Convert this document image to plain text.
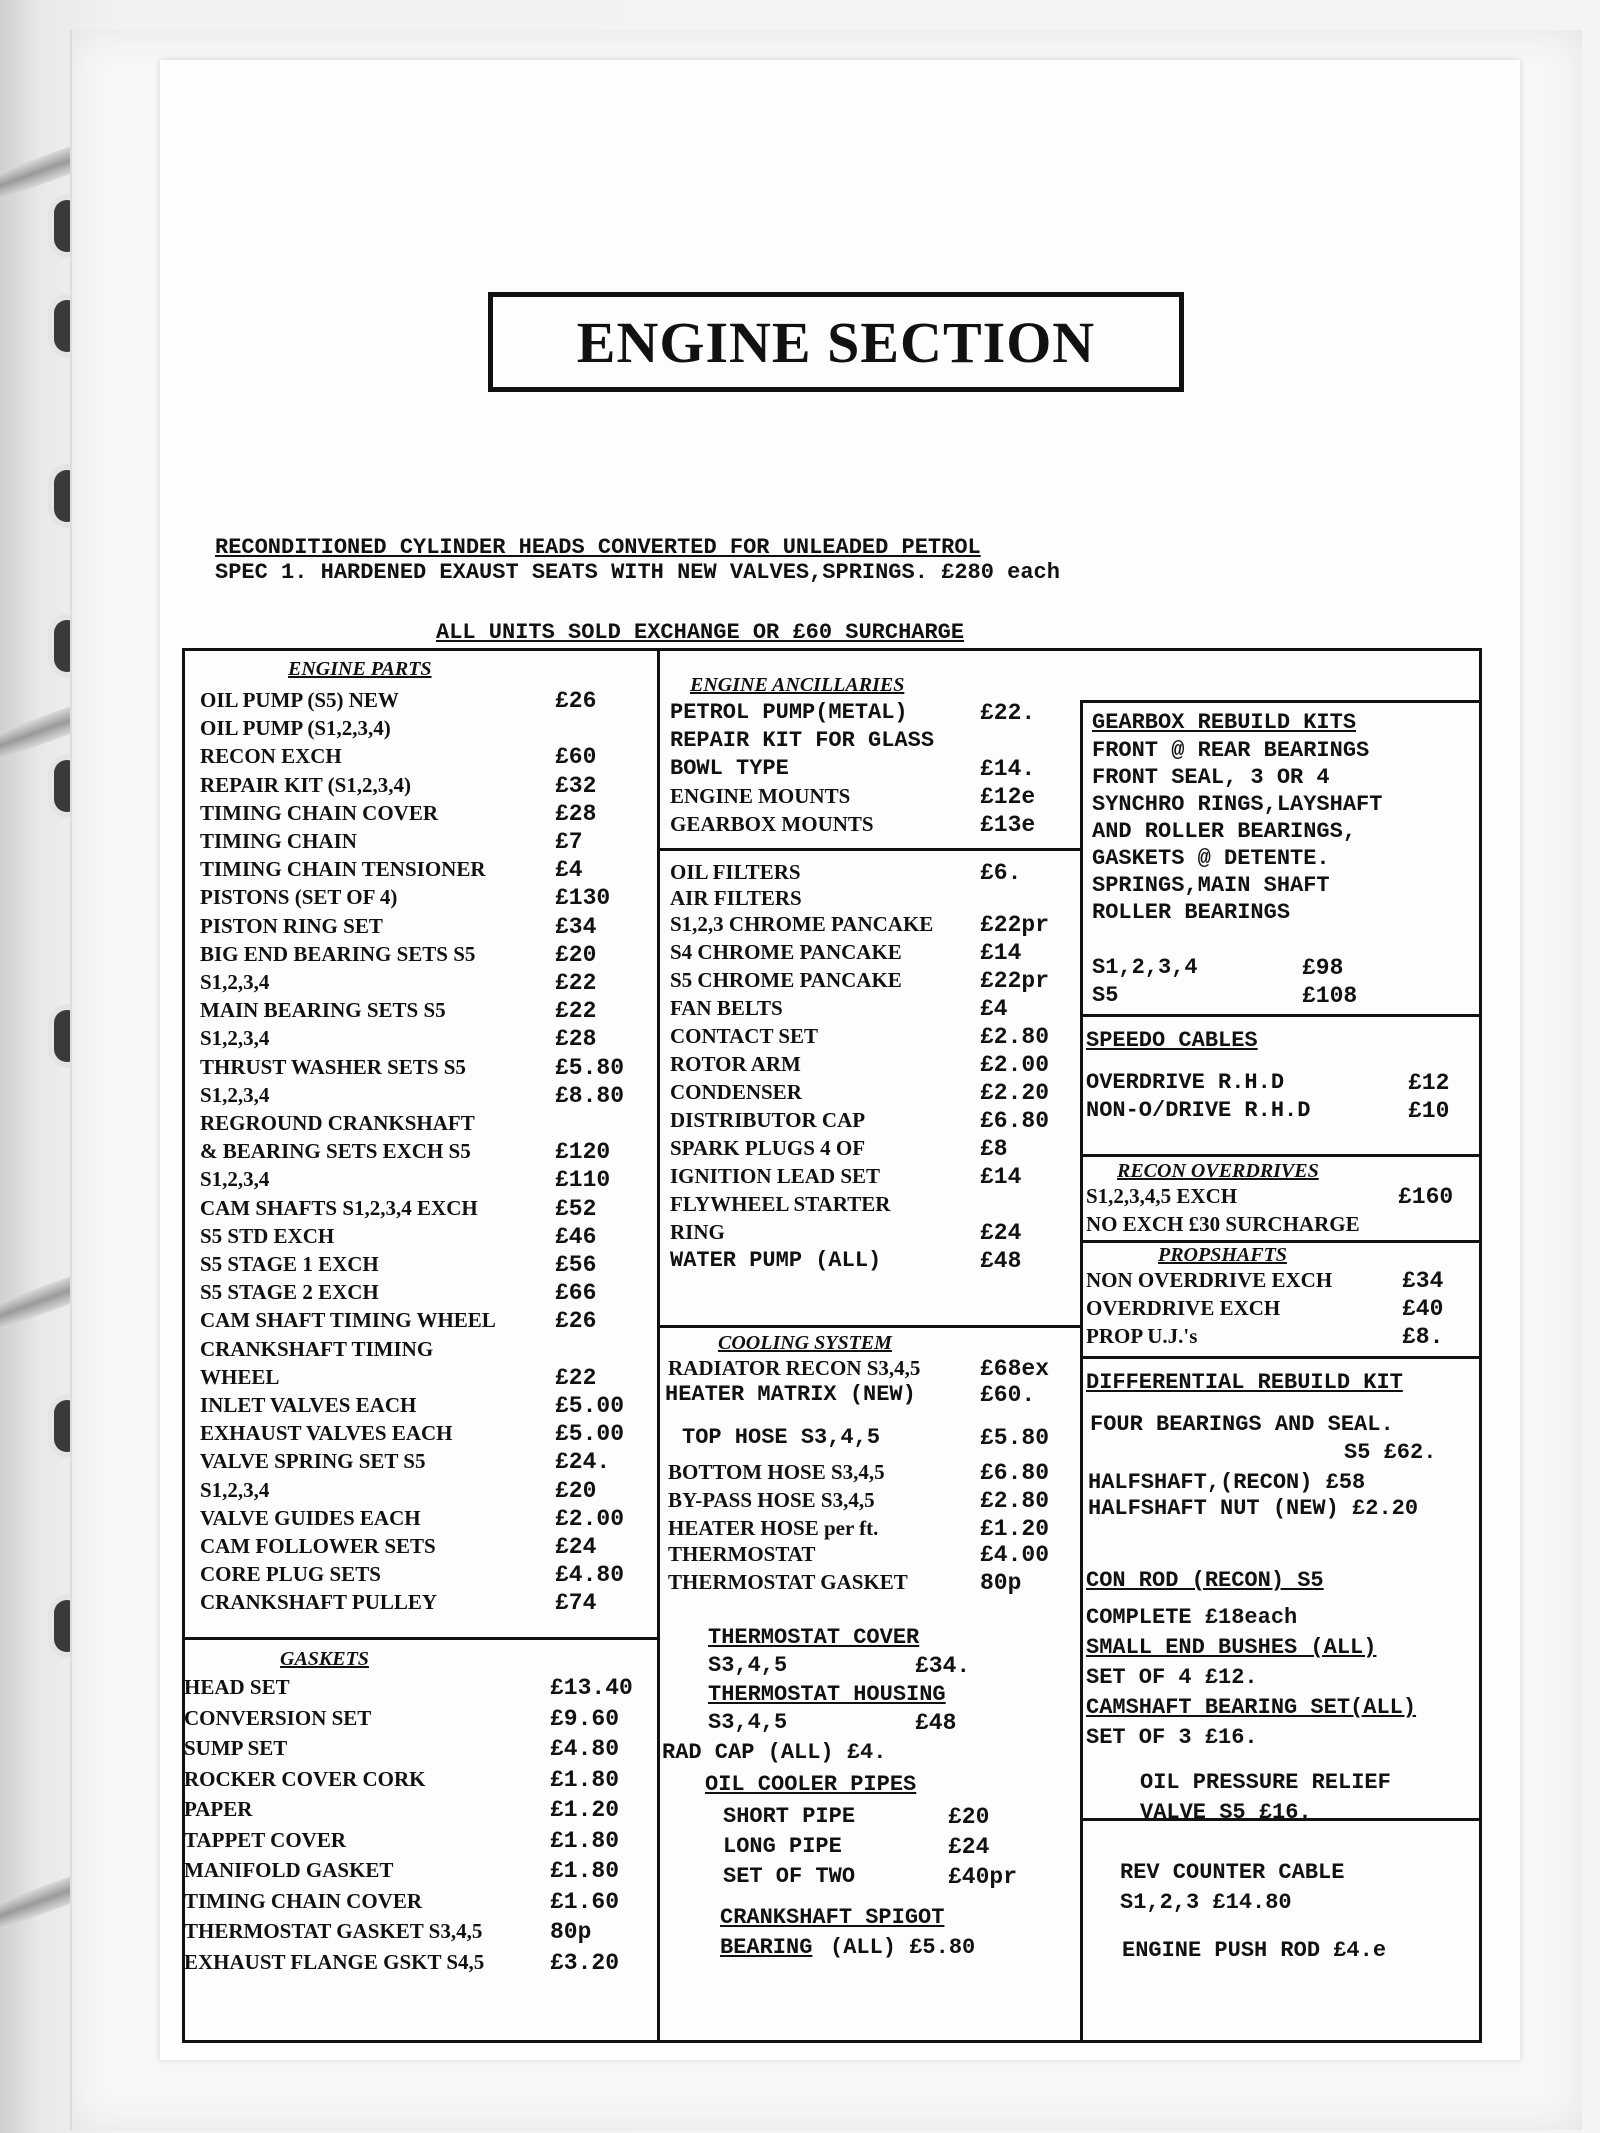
ENGINE SECTION
RECONDITIONED CYLINDER HEADS CONVERTED FOR UNLEADED PETROL
SPEC 1. HARDENED EXAUST SEATS WITH NEW VALVES,SPRINGS. £280 each
ALL UNITS SOLD EXCHANGE OR £60 SURCHARGE
ENGINE PARTS
GASKETS
ENGINE ANCILLARIES
COOLING SYSTEM
OIL PUMP (S5) NEW	£26
OIL PUMP (S1,2,3,4)
RECON EXCH	£60
REPAIR KIT (S1,2,3,4)	£32
TIMING CHAIN COVER	£28
TIMING CHAIN	£7
TIMING CHAIN TENSIONER	£4
PISTONS (SET OF 4)	£130
PISTON RING SET	£34
BIG END BEARING SETS S5	£20
S1,2,3,4	£22
MAIN BEARING SETS S5	£22
S1,2,3,4	£28
THRUST WASHER SETS S5	£5.80
S1,2,3,4	£8.80
REGROUND CRANKSHAFT
& BEARING SETS EXCH S5	£120
S1,2,3,4	£110
CAM SHAFTS S1,2,3,4 EXCH	£52
S5 STD EXCH	£46
S5 STAGE 1 EXCH	£56
S5 STAGE 2 EXCH	£66
CAM SHAFT TIMING WHEEL	£26
CRANKSHAFT TIMING
WHEEL	£22
INLET VALVES EACH	£5.00
EXHAUST VALVES EACH	£5.00
VALVE SPRING SET S5	£24.
S1,2,3,4	£20
VALVE GUIDES EACH	£2.00
CAM FOLLOWER SETS	£24
CORE PLUG SETS	£4.80
CRANKSHAFT PULLEY	£74
HEAD SET	£13.40
CONVERSION SET	£9.60
SUMP SET	£4.80
ROCKER COVER CORK	£1.80
PAPER	£1.20
TAPPET COVER	£1.80
MANIFOLD GASKET	£1.80
TIMING CHAIN COVER	£1.60
THERMOSTAT GASKET S3,4,5	80p
EXHAUST FLANGE GSKT S4,5	£3.20
PETROL PUMP(METAL)	£22.
REPAIR KIT FOR GLASS
BOWL TYPE	£14.
ENGINE MOUNTS	£12e
GEARBOX MOUNTS	£13e
OIL FILTERS	£6.
AIR FILTERS
S1,2,3 CHROME PANCAKE £22pr
S4 CHROME PANCAKE	£14
S5 CHROME PANCAKE	£22pr
FAN BELTS	£4
CONTACT SET	£2.80
ROTOR ARM	£2.00
CONDENSER	£2.20
DISTRIBUTOR CAP	£6.80
SPARK PLUGS 4 OF	£8
IGNITION LEAD SET	£14
FLYWHEEL STARTER
RING	£24
WATER PUMP (ALL)	£48
RADIATOR RECON S3,4,5	£68ex
HEATER MATRIX (NEW)	£60.
TOP HOSE S3,4,5	£5.80
BOTTOM HOSE S3,4,5	£6.80
BY-PASS HOSE S3,4,5	£2.80
HEATER HOSE per ft.	£1.20
THERMOSTAT	£4.00
THERMOSTAT GASKET	80p
THERMOSTAT COVER
S3,4,5	£34.
THERMOSTAT HOUSING
S3,4,5	£48
RAD CAP (ALL) £4.
OIL COOLER PIPES
SHORT PIPE	£20
LONG PIPE	£24
SET OF TWO	£40pr
CRANKSHAFT SPIGOT
BEARING (ALL) £5.80
GEARBOX REBUILD KITS
FRONT @ REAR BEARINGS
FRONT SEAL, 3 OR 4
SYNCHRO RINGS,LAYSHAFT
AND ROLLER BEARINGS,
GASKETS @ DETENTE.
SPRINGS,MAIN SHAFT
ROLLER BEARINGS
S1,2,3,4	£98
S5	£108
SPEEDO CABLES
OVERDRIVE R.H.D	£12
NON-O/DRIVE R.H.D	£10
RECON OVERDRIVES
S1,2,3,4,5 EXCH	£160
NO EXCH £30 SURCHARGE
PROPSHAFTS
NON OVERDRIVE EXCH	£34
OVERDRIVE EXCH	£40
PROP U.J.'s	£8.
DIFFERENTIAL REBUILD KIT
FOUR BEARINGS AND SEAL.
S5 £62.
HALFSHAFT,(RECON) £58
HALFSHAFT NUT (NEW) £2.20
CON ROD (RECON) S5
COMPLETE £18each
SMALL END BUSHES (ALL)
SET OF 4 £12.
CAMSHAFT BEARING SET(ALL)
SET OF 3 £16.
OIL PRESSURE RELIEF
VALVE S5 £16.
REV COUNTER CABLE
S1,2,3 £14.80
ENGINE PUSH ROD £4.e
